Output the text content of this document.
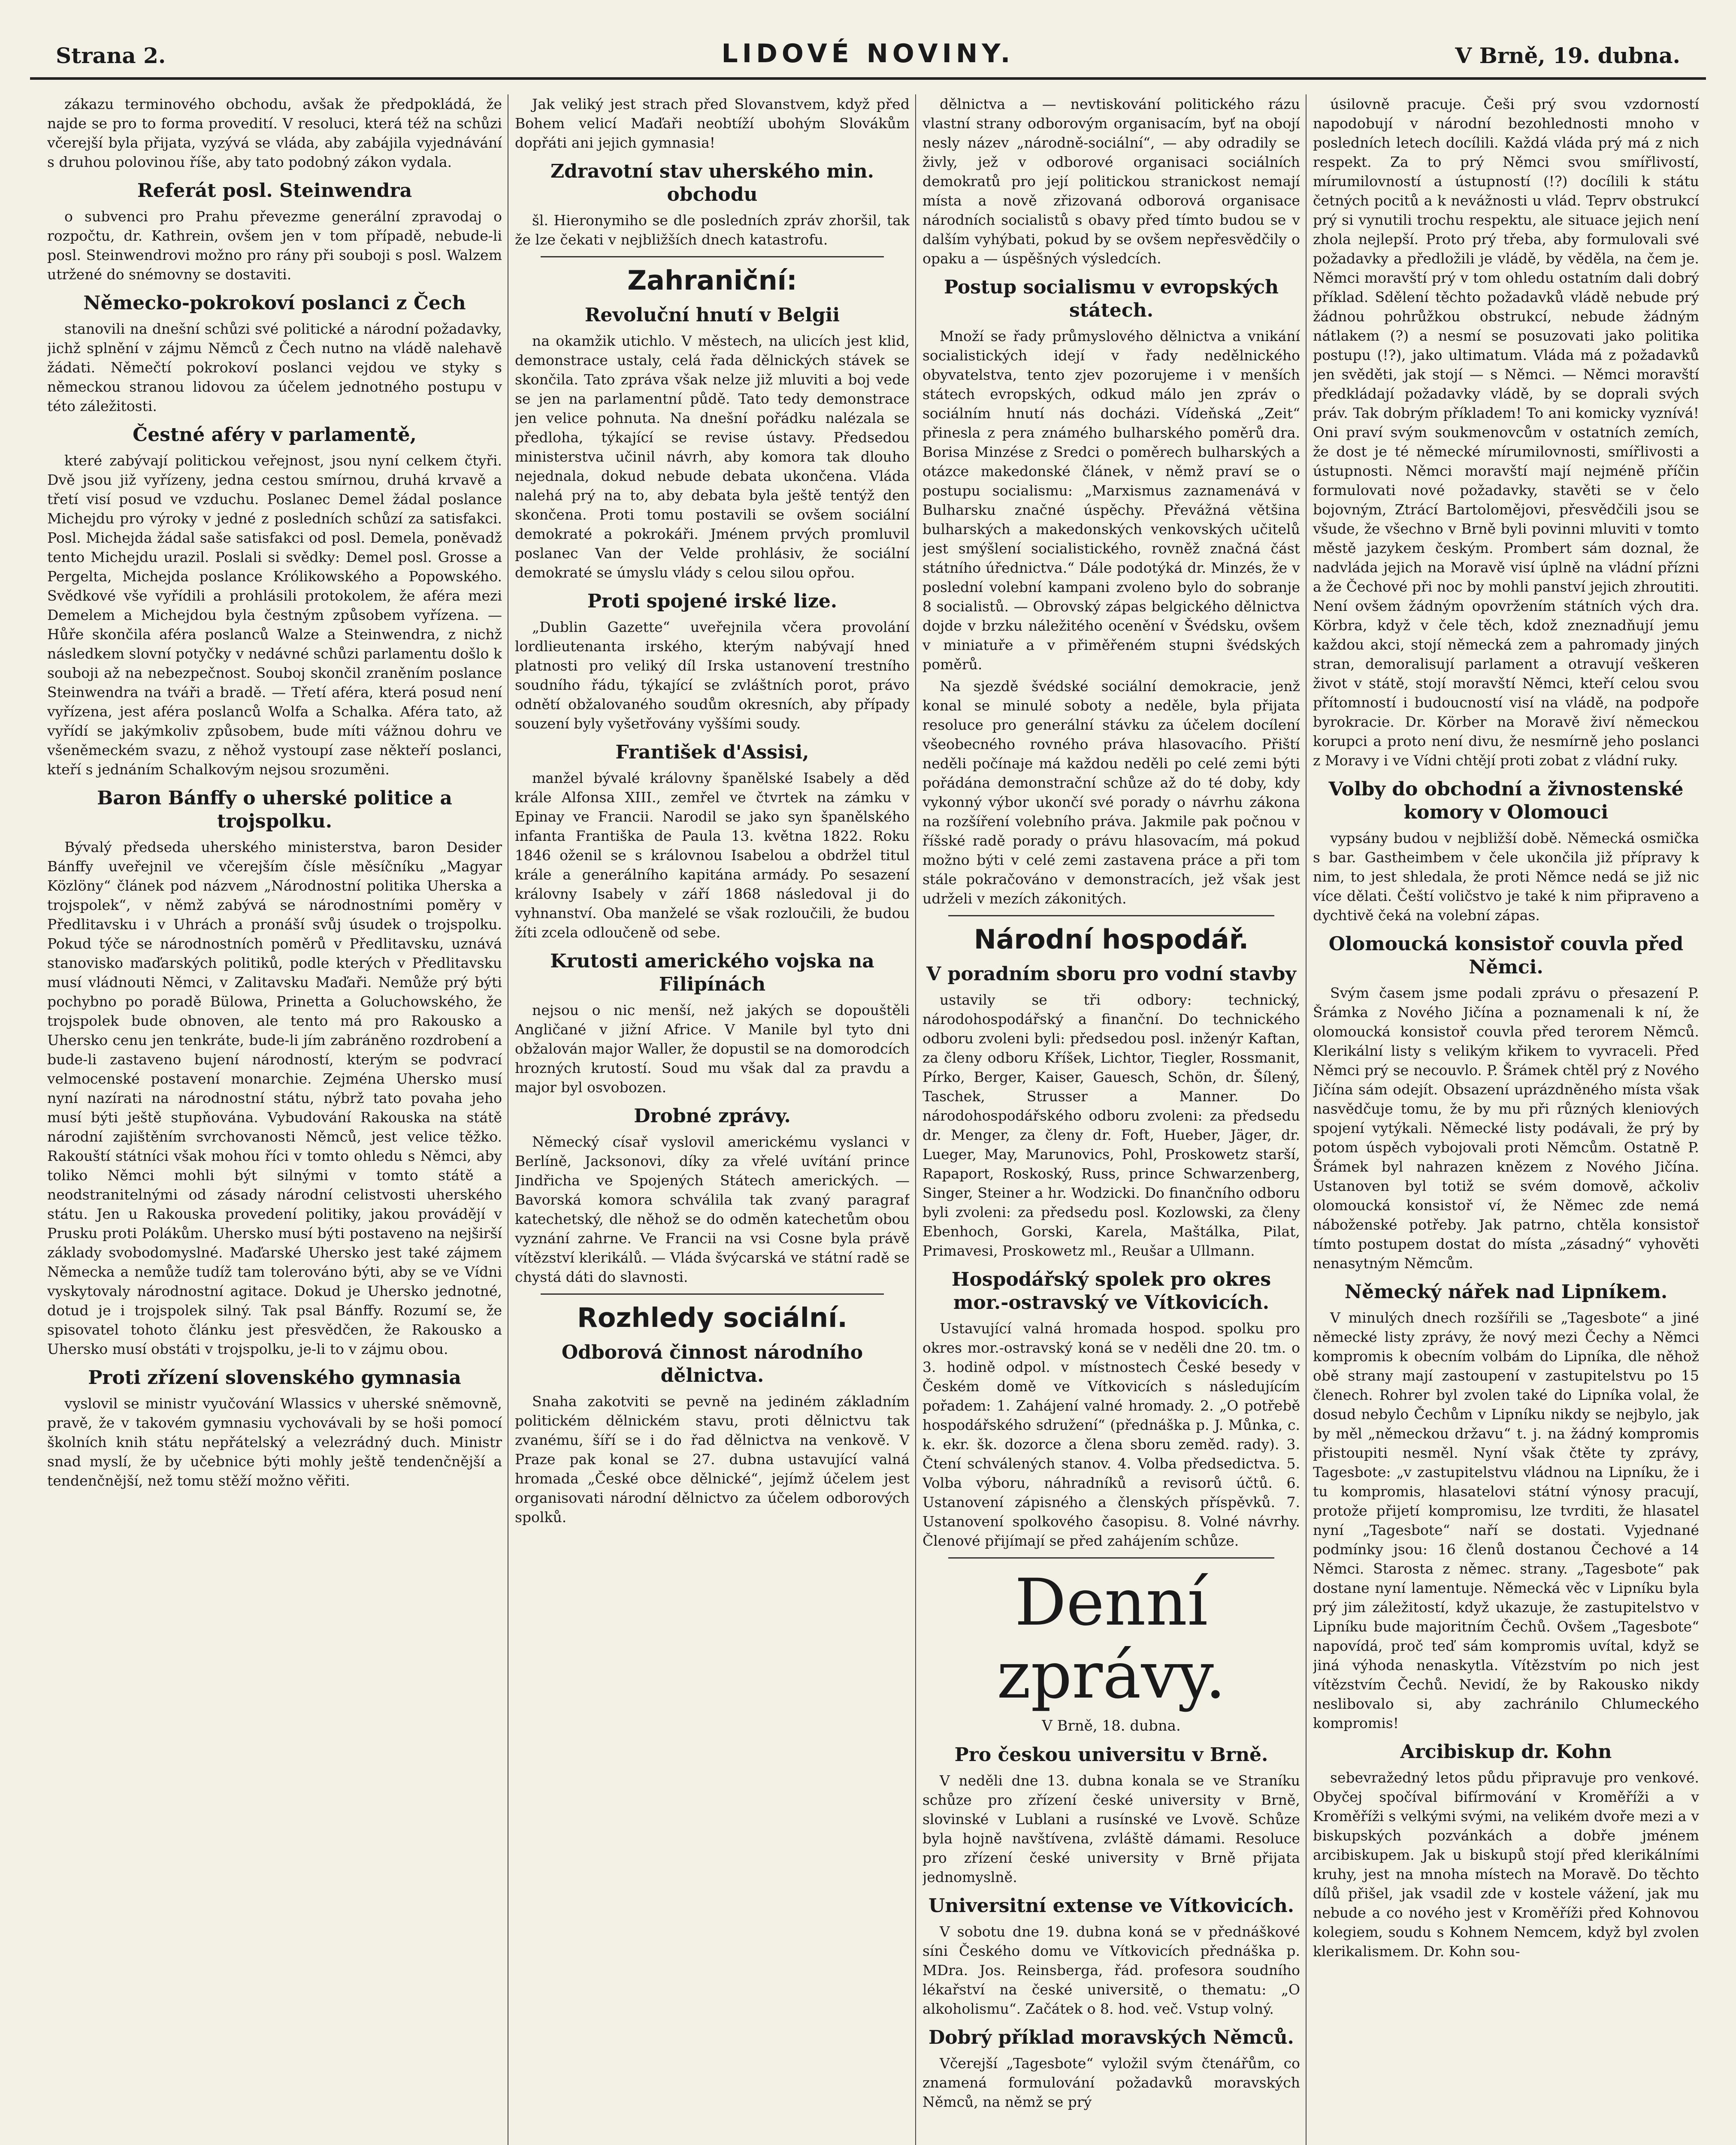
Strana 2.	LIDOVÉ NOVINY.	V Brně, 19. dubna.

zákazu terminového obchodu, avšak že předpokládá, že najde se pro to forma provedití. V resoluci, která též na schůzi včerejší byla přijata, vyzývá se vláda, aby zabájila vyjednávání s druhou polovinou říše, aby tato podobný zákon vydala.

Referát posl. Steinwendra

o subvenci pro Prahu převezme generální zpravodaj o rozpočtu, dr. Kathrein, ovšem jen v tom případě, nebude-li posl. Steinwendrovi možno pro rány při souboji s posl. Walzem utržené do snémovny se dostaviti.

Německo-pokrokoví poslanci z Čech

stanovili na dnešní schůzi své politické a národní požadavky, jichž splnění v zájmu Němců z Čech nutno na vládě nalehavě žádati. Němečtí pokrokoví poslanci vejdou ve styky s německou stranou lidovou za účelem jednotného postupu v této záležitosti.

Čestné aféry v parlamentě,

které zabývají politickou veřejnost, jsou nyní celkem čtyři. Dvě jsou již vyřízeny, jedna cestou smírnou, druhá krvavě a třetí visí posud ve vzduchu. Poslanec Demel žádal poslance Michejdu pro výroky v jedné z posledních schůzí za satisfakci. Posl. Michejda žádal saše satisfakci od posl. Demela, poněvadž tento Michejdu urazil. Poslali si svědky: Demel posl. Grosse a Pergelta, Michejda poslance Królikowského a Popowského. Svědkové vše vyřídili a prohlásili protokolem, že aféra mezi Demelem a Michejdou byla čestným způsobem vyřízena. — Hůře skončila aféra poslanců Walze a Steinwendra, z nichž následkem slovní potyčky v nedávné schůzi parlamentu došlo k souboji až na nebezpečnost. Souboj skončil zraněním poslance Steinwendra na tváři a bradě. — Třetí aféra, která posud není vyřízena, jest aféra poslanců Wolfa a Schalka. Aféra tato, až vyřídí se jakýmkoliv způsobem, bude míti vážnou dohru ve všeněmeckém svazu, z něhož vystoupí zase někteří poslanci, kteří s jednáním Schalkovým nejsou srozuměni.

Baron Bánffy o uherské politice a trojspolku.

Bývalý předseda uherského ministerstva, baron Desider Bánffy uveřejnil ve včerejším čísle měsíčníku „Magyar Közlöny“ článek pod názvem „Národnostní politika Uherska a trojspolek“, v němž zabývá se národnostními poměry v Předlitavsku i v Uhrách a pronáší svůj úsudek o trojspolku. Pokud týče se národnostních poměrů v Předlitavsku, uznává stanovisko maďarských politiků, podle kterých v Předlitavsku musí vládnouti Němci, v Zalitavsku Maďaři. Nemůže prý býti pochybno po poradě Bülowa, Prinetta a Goluchowského, že trojspolek bude obnoven, ale tento má pro Rakousko a Uhersko cenu jen tenkráte, bude-li jím zabráněno rozdrobení a bude-li zastaveno bujení národností, kterým se podvrací velmocenské postavení monarchie. Zejména Uhersko musí nyní nazírati na národnostní státu, nýbrž tato povaha jeho musí býti ještě stupňována. Vybudování Rakouska na státě národní zajištěním svrchovanosti Němců, jest velice těžko. Rakouští státníci však mohou říci v tomto ohledu s Němci, aby toliko Němci mohli být silnými v tomto státě a neodstranitelnými od zásady národní celistvosti uherského státu. Jen u Rakouska provedení politiky, jakou provádějí v Prusku proti Polákům. Uhersko musí býti postaveno na nejširší základy svobodomyslné. Maďarské Uhersko jest také zájmem Německa a nemůže tudíž tam tolerováno býti, aby se ve Vídni vyskytovaly národnostní agitace. Dokud je Uhersko jednotné, dotud je i trojspolek silný. Tak psal Bánffy. Rozumí se, že spisovatel tohoto článku jest přesvědčen, že Rakousko a Uhersko musí obstáti v trojspolku, je-li to v zájmu obou.

Proti zřízení slovenského gymnasia

vyslovil se ministr vyučování Wlassics v uherské sněmovně, pravě, že v takovém gymnasiu vychovávali by se hoši pomocí školních knih státu nepřátelský a velezrádný duch. Ministr snad myslí, že by učebnice býti mohly ještě tendenčnější a tendenčnější, než tomu stěží možno věřiti.

Jak veliký jest strach před Slovanstvem, když před Bohem velicí Maďaři neobtíží ubohým Slovákům dopřáti ani jejich gymnasia!

Zdravotní stav uherského min. obchodu

šl. Hieronymiho se dle posledních zpráv zhoršil, tak že lze čekati v nejbližších dnech katastrofu.

Zahraniční:
Revoluční hnutí v Belgii

na okamžik utichlo. V městech, na ulicích jest klid, demonstrace ustaly, celá řada dělnických stávek se skončila. Tato zpráva však nelze již mluviti a boj vede se jen na parlamentní půdě. Tato tedy demonstrace jen velice pohnuta. Na dnešní pořádku nalézala se předloha, týkající se revise ústavy. Předsedou ministerstva učinil návrh, aby komora tak dlouho nejednala, dokud nebude debata ukončena. Vláda nalehá prý na to, aby debata byla ještě tentýž den skončena. Proti tomu postavili se ovšem sociální demokraté a pokrokáři. Jménem prvých promluvil poslanec Van der Velde prohlásiv, že sociální demokraté se úmyslu vlády s celou silou opřou.

Proti spojené irské lize.

„Dublin Gazette“ uveřejnila včera provolání lordlieutenanta irského, kterým nabývají hned platnosti pro veliký díl Irska ustanovení trestního soudního řádu, týkající se zvláštních porot, právo odnětí obžalovaného soudům okresních, aby případy souzení byly vyšetřovány vyššími soudy.

František d'Assisi,

manžel bývalé královny španělské Isabely a děd krále Alfonsa XIII., zemřel ve čtvrtek na zámku v Epinay ve Francii. Narodil se jako syn španělského infanta Františka de Paula 13. května 1822. Roku 1846 oženil se s královnou Isabelou a obdržel titul krále a generálního kapitána armády. Po sesazení královny Isabely v září 1868 následoval ji do vyhnanství. Oba manželé se však rozloučili, že budou žíti zcela odloučeně od sebe.

Krutosti amerického vojska na Filipínách

nejsou o nic menší, než jakých se dopouštěli Angličané v jižní Africe. V Manile byl tyto dni obžalován major Waller, že dopustil se na domorodcích hrozných krutostí. Soud mu však dal za pravdu a major byl osvobozen.

Drobné zprávy.

Německý císař vyslovil americkému vyslanci v Berlíně, Jacksonovi, díky za vřelé uvítání prince Jindřicha ve Spojených Státech amerických. — Bavorská komora schválila tak zvaný paragraf katechetský, dle něhož se do odměn katechetům obou vyznání zahrne. Ve Francii na vsi Cosne byla právě vítězství klerikálů. — Vláda švýcarská ve státní radě se chystá dáti do slavnosti.

Rozhledy sociální.
Odborová činnost národního dělnictva.

Snaha zakotviti se pevně na jediném základním politickém dělnickém stavu, proti dělnictvu tak zvanému, šíří se i do řad dělnictva na venkově. V Praze pak konal se 27. dubna ustavující valná hromada „České obce dělnické“, jejímž účelem jest organisovati národní dělnictvo za účelem odborových spolků.

dělnictva a — nevtiskování politického rázu vlastní strany odborovým organisacím, byť na obojí nesly název „národně-sociální“, — aby odradily se živly, jež v odborové organisaci sociálních demokratů pro její politickou stranickost nemají místa a nově zřizovaná odborová organisace národních socialistů s obavy před tímto budou se v dalším vyhýbati, pokud by se ovšem nepřesvědčily o opaku a — úspěšných výsledcích.

Postup socialismu v evropských státech.

Množí se řady průmyslového dělnictva a vnikání socialistických idejí v řady nedělnického obyvatelstva, tento zjev pozorujeme i v menších státech evropských, odkud málo jen zpráv o sociálním hnutí nás docházi. Vídeňská „Zeit“ přinesla z pera známého bulharského poměrů dra. Borisa Minzése z Sredci o poměrech bulharských a otázce makedonské článek, v němž praví se o postupu socialismu: „Marxismus zaznamenává v Bulharsku značné úspěchy. Převážná většina bulharských a makedonských venkovských učitelů jest smýšlení socialistického, rovněž značná část státního úřednictva.“ Dále podotýká dr. Minzés, že v poslední volební kampani zvoleno bylo do sobranje 8 socialistů. — Obrovský zápas belgického dělnictva dojde v brzku náležitého ocenění v Švédsku, ovšem v miniatuře a v přiměřeném stupni švédských poměrů.

Na sjezdě švédské sociální demokracie, jenž konal se minulé soboty a neděle, byla přijata resoluce pro generální stávku za účelem docílení všeobecného rovného práva hlasovacího. Přiští neděli počínaje má každou neděli po celé zemi býti pořádána demonstrační schůze až do té doby, kdy vykonný výbor ukončí své porady o návrhu zákona na rozšíření volebního práva. Jakmile pak počnou v říšské radě porady o právu hlasovacím, má pokud možno býti v celé zemi zastavena práce a při tom stále pokračováno v demonstracích, jež však jest udrželi v mezích zákonitých.

Národní hospodář.
V poradním sboru pro vodní stavby

ustavily se tři odbory: technický, národohospodářský a finanční. Do technického odboru zvoleni byli: předsedou posl. inženýr Kaftan, za členy odboru Kříšek, Lichtor, Tiegler, Rossmanit, Pírko, Berger, Kaiser, Gauesch, Schön, dr. Šílený, Taschek, Strusser a Manner. Do národohospodářského odboru zvoleni: za předsedu dr. Menger, za členy dr. Foft, Hueber, Jäger, dr. Lueger, May, Marunovics, Pohl, Proskowetz starší, Rapaport, Roskoský, Russ, prince Schwarzenberg, Singer, Steiner a hr. Wodzicki. Do finančního odboru byli zvoleni: za předsedu posl. Kozlowski, za členy Ebenhoch, Gorski, Karela, Maštálka, Pilat, Primavesi, Proskowetz ml., Reušar a Ullmann.

Hospodářský spolek pro okres mor.-ostravský ve Vítkovicích.

Ustavující valná hromada hospod. spolku pro okres mor.-ostravský koná se v neděli dne 20. tm. o 3. hodině odpol. v místnostech České besedy v Českém domě ve Vítkovicích s následujícím pořadem: 1. Zahájení valné hromady. 2. „O potřebě hospodářského sdružení“ (přednáška p. J. Můnka, c. k. ekr. šk. dozorce a člena sboru zeměd. rady). 3. Čtení schválených stanov. 4. Volba předsedictva. 5. Volba výboru, náhradníků a revisorů účtů. 6. Ustanovení zápisného a členských příspěvků. 7. Ustanovení spolkového časopisu. 8. Volné návrhy. Členové přijímají se před zahájením schůze.

Denní zprávy.
V Brně, 18. dubna.
Pro českou universitu v Brně.

V neděli dne 13. dubna konala se ve Straníku schůze pro zřízení české university v Brně, slovinské v Lublani a rusínské ve Lvově. Schůze byla hojně navštívena, zvláště dámami. Resoluce pro zřízení české university v Brně přijata jednomyslně.

Universitní extense ve Vítkovicích.

V sobotu dne 19. dubna koná se v přednáškové síni Českého domu ve Vítkovicích přednáška p. MDra. Jos. Reinsberga, řád. profesora soudního lékařství na české universitě, o thematu: „O alkoholismu“. Začátek o 8. hod. več. Vstup volný.

Dobrý příklad moravských Němců.

Včerejší „Tagesbote“ vyložil svým čtenářům, co znamená formulování požadavků moravských Němců, na němž se prý

úsilovně pracuje. Češi prý svou vzdorností napodobují v národní bezohlednosti mnoho v posledních letech docílili. Každá vláda prý má z nich respekt. Za to prý Němci svou smířlivostí, mírumilovností a ústupností (!?) docílili k státu četných pocitů a k nevážnosti u vlád. Teprv obstrukcí prý si vynutili trochu respektu, ale situace jejich není zhola nejlepší. Proto prý třeba, aby formulovali své požadavky a předložili je vládě, by věděla, na čem je. Němci moravští prý v tom ohledu ostatním dali dobrý příklad. Sdělení těchto požadavků vládě nebude prý žádnou pohrůžkou obstrukcí, nebude žádným nátlakem (?) a nesmí se posuzovati jako politika postupu (!?), jako ultimatum. Vláda má z požadavků jen svěděti, jak stojí — s Němci. — Němci moravští předkládají požadavky vládě, by se doprali svých práv. Tak dobrým příkladem! To ani komicky vyznívá! Oni praví svým soukmenovcům v ostatních zemích, že dost je té německé mírumilovnosti, smířlivosti a ústupnosti. Němci moravští mají nejméně příčin formulovati nové požadavky, stavěti se v čelo bojovným, Ztrácí Bartolomějovi, přesvědčili jsou se všude, že všechno v Brně byli povinni mluviti v tomto městě jazykem českým. Prombert sám doznal, že nadvláda jejich na Moravě visí úplně na vládní přízni a že Čechové při noc by mohli panství jejich zhroutiti. Není ovšem žádným opovržením státních vých dra. Körbra, když v čele těch, kdož zneznadňují jemu každou akci, stojí německá zem a pahromady jiných stran, demoralisují parlament a otravují veškeren život v státě, stojí moravští Němci, kteří celou svou přítomností i budoucností visí na vládě, na podpoře byrokracie. Dr. Körber na Moravě živí německou korupci a proto není divu, že nesmírně jeho poslanci z Moravy i ve Vídni chtějí proti zobat z vládní ruky.

Volby do obchodní a živnostenské komory v Olomouci

vypsány budou v nejbližší době. Německá osmička s bar. Gastheimbem v čele ukončila již přípravy k nim, to jest shledala, že proti Němce nedá se již nic více dělati. Čeští voličstvo je také k nim připraveno a dychtivě čeká na volební zápas.

Olomoucká konsistoř couvla před Němci.

Svým časem jsme podali zprávu o přesazení P. Šrámka z Nového Jičína a poznamenali k ní, že olomoucká konsistoř couvla před terorem Němců. Klerikální listy s velikým křikem to vyvraceli. Před Němci prý se necouvlo. P. Šrámek chtěl prý z Nového Jičína sám odejít. Obsazení uprázdněného místa však nasvědčuje tomu, že by mu při různých kleniových spojení vytýkali. Německé listy podávali, že prý by potom úspěch vybojovali proti Němcům. Ostatně P. Šrámek byl nahrazen knězem z Nového Jičína. Ustanoven byl totiž se svém domově, ačkoliv olomoucká konsistoř ví, že Němec zde nemá náboženské potřeby. Jak patrno, chtěla konsistoř tímto postupem dostat do místa „zásadný“ vyhověti nenasytným Němcům.

Německý nářek nad Lipníkem.

V minulých dnech rozšířili se „Tagesbote“ a jiné německé listy zprávy, že nový mezi Čechy a Němci kompromis k obecním volbám do Lipníka, dle něhož obě strany mají zastoupení v zastupitelstvu po 15 členech. Rohrer byl zvolen také do Lipníka volal, že dosud nebylo Čechům v Lipníku nikdy se nejbylo, jak by měl „německou državu“ t. j. na žádný kompromis přistoupiti nesměl. Nyní však čtěte ty zprávy, Tagesbote: „v zastupitelstvu vládnou na Lipníku, že i tu kompromis, hlasatelovi státní výnosy pracují, protože přijetí kompromisu, lze tvrditi, že hlasatel nyní „Tagesbote“ naří se dostati. Vyjednané podmínky jsou: 16 členů dostanou Čechové a 14 Němci. Starosta z němec. strany. „Tagesbote“ pak dostane nyní lamentuje. Německá věc v Lipníku byla prý jim záležitostí, když ukazuje, že zastupitelstvo v Lipníku bude majoritním Čechů. Ovšem „Tagesbote“ napovídá, proč teď sám kompromis uvítal, když se jiná výhoda nenaskytla. Vítězstvím po nich jest vítězstvím Čechů. Nevidí, že by Rakousko nikdy neslibovalo si, aby zachránilo Chlumeckého kompromis!

Arcibiskup dr. Kohn

sebevražedný letos půdu připravuje pro venkové. Obyčej spočíval bifírmování v Kroměříži a v Kroměříži s velkými svými, na velikém dvoře mezi a v biskupských pozvánkách a dobře jménem arcibiskupem. Jak u biskupů stojí před klerikálními kruhy, jest na mnoha místech na Moravě. Do těchto dílů přišel, jak vsadil zde v kostele vážení, jak mu nebude a co nového jest v Kroměříži před Kohnovou kolegiem, soudu s Kohnem Nemcem, když byl zvolen klerikalismem. Dr. Kohn sou-
